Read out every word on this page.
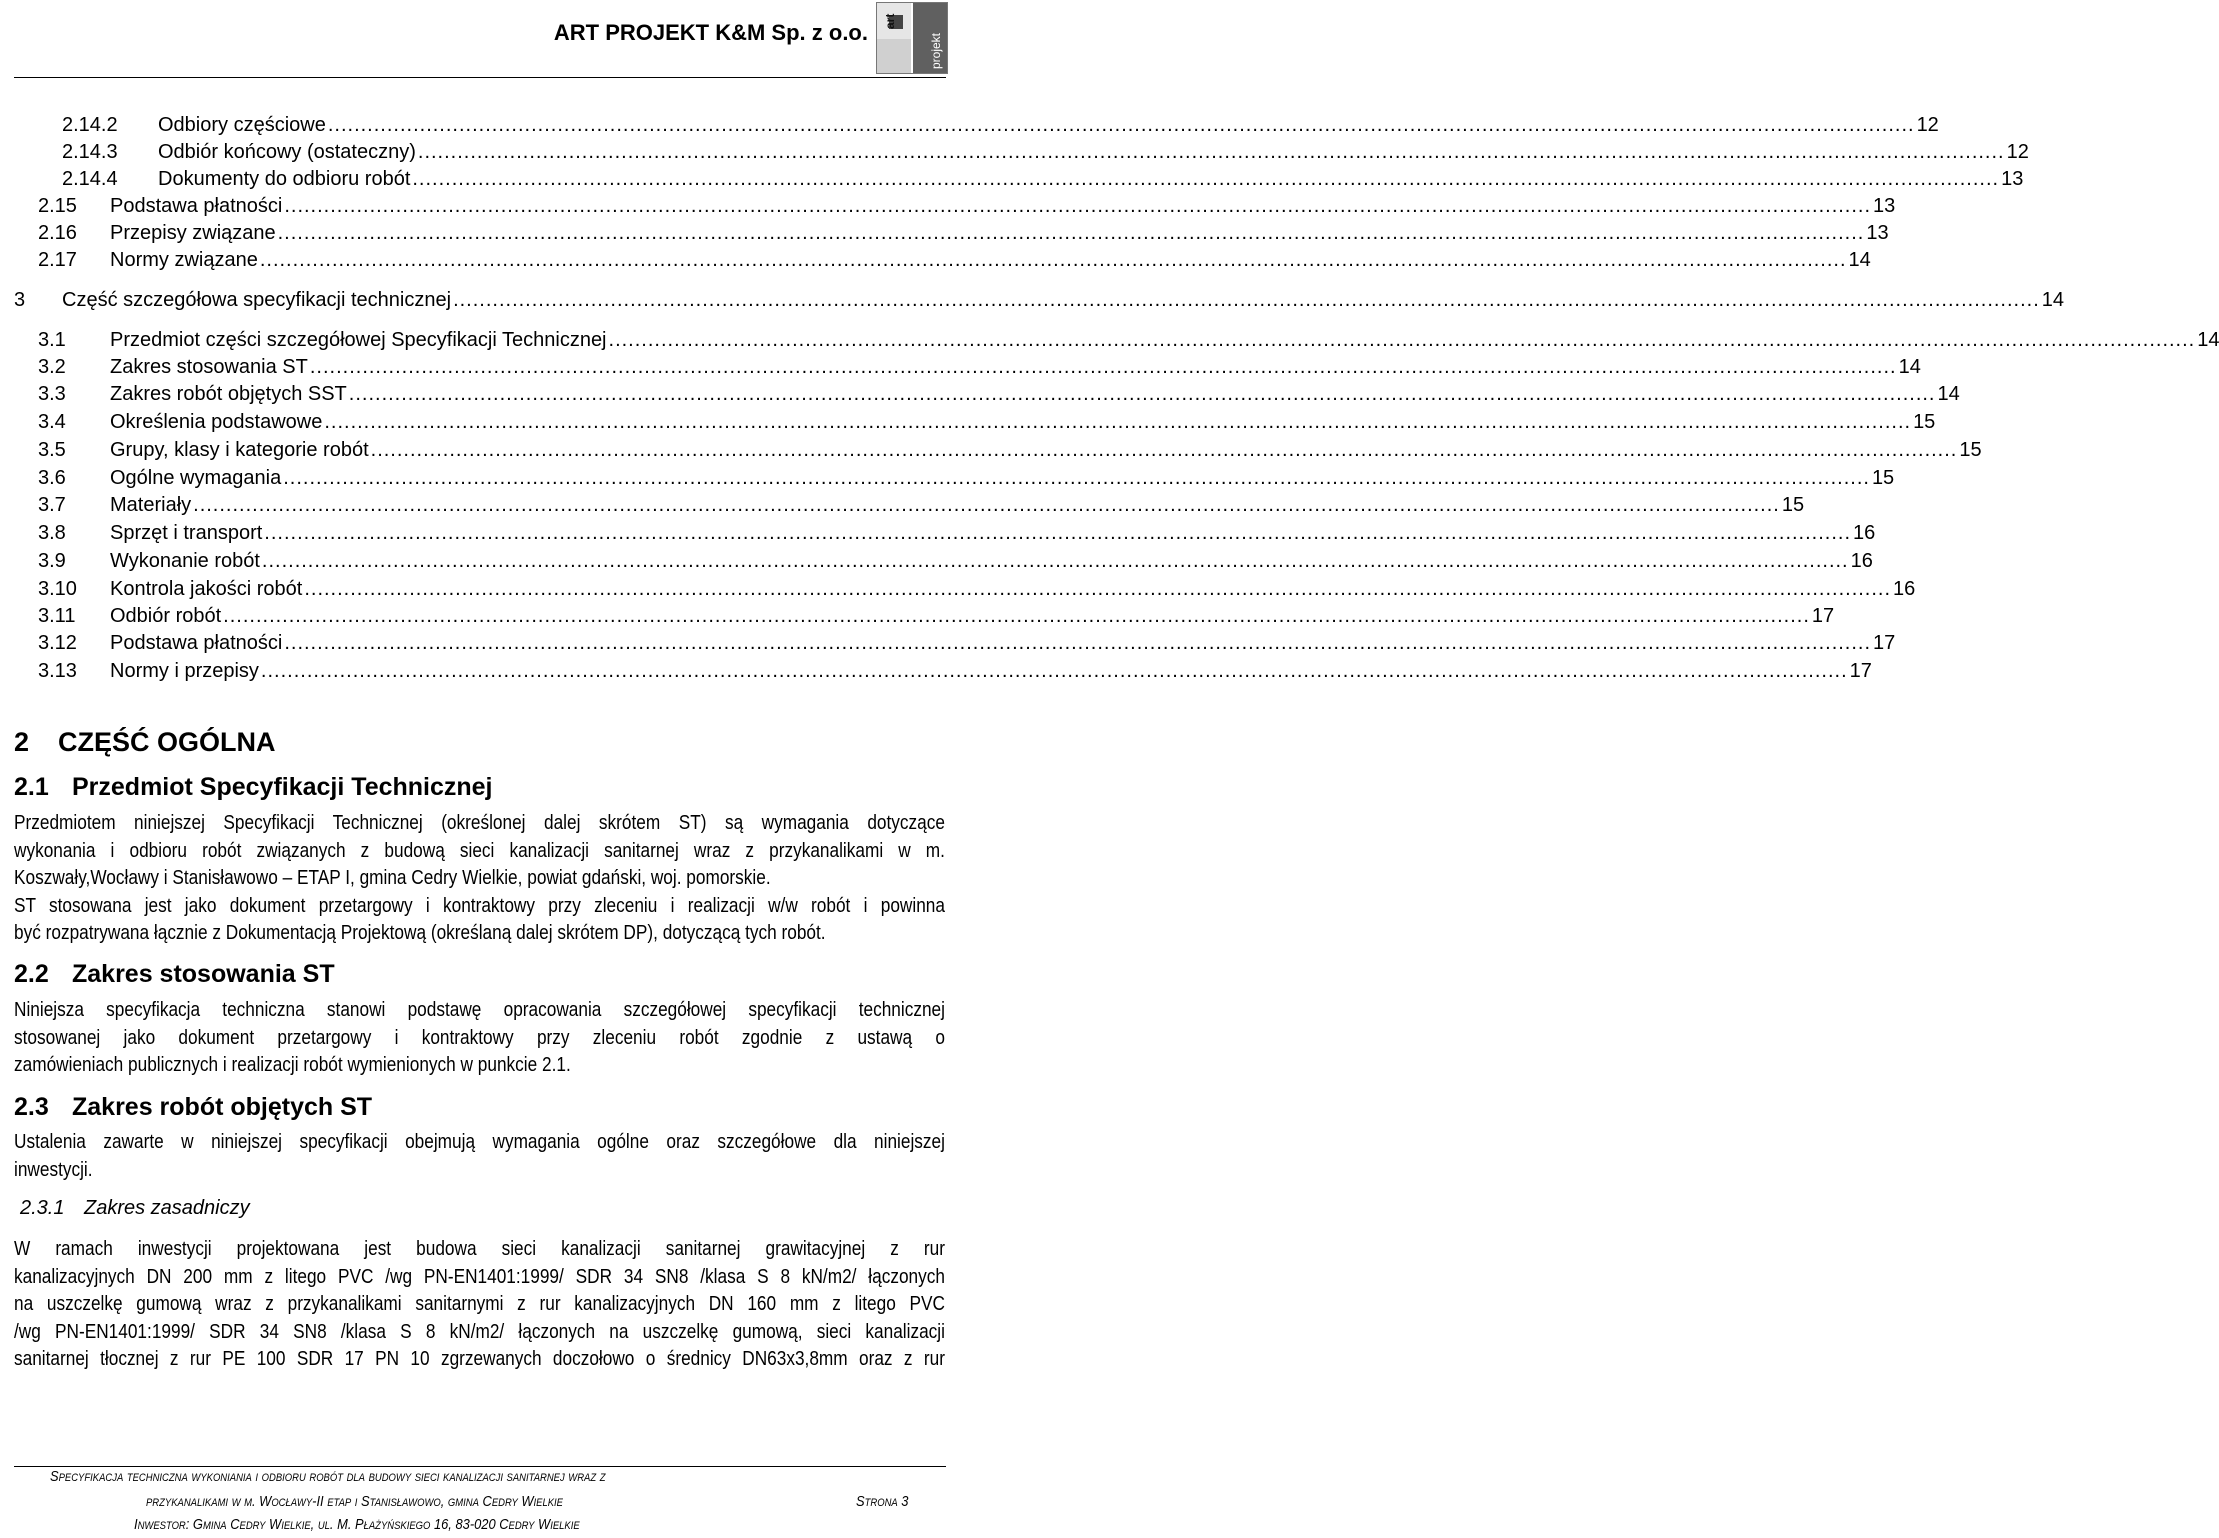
ART PROJEKT K&M Sp. z o.o. art
projekt
2.14.2	Odbiory częściowe .................................................................................................................................................................................................................................................. 12
2.14.3	Odbiór końcowy (ostateczny) .................................................................................................................................................................................................................................................. 12
2.14.4	Dokumenty do odbioru robót .................................................................................................................................................................................................................................................. 13
2.15	Podstawa płatności .................................................................................................................................................................................................................................................. 13
2.16	Przepisy związane .................................................................................................................................................................................................................................................. 13
2.17	Normy związane .................................................................................................................................................................................................................................................. 14
3	Część szczegółowa specyfikacji technicznej .................................................................................................................................................................................................................................................. 14
3.1	Przedmiot części szczegółowej Specyfikacji Technicznej .................................................................................................................................................................................................................................................. 14
3.2	Zakres stosowania ST .................................................................................................................................................................................................................................................. 14
3.3	Zakres robót objętych SST .................................................................................................................................................................................................................................................. 14
3.4	Określenia podstawowe .................................................................................................................................................................................................................................................. 15
3.5	Grupy, klasy i kategorie robót .................................................................................................................................................................................................................................................. 15
3.6	Ogólne wymagania .................................................................................................................................................................................................................................................. 15
3.7	Materiały .................................................................................................................................................................................................................................................. 15
3.8	Sprzęt i transport .................................................................................................................................................................................................................................................. 16
3.9	Wykonanie robót .................................................................................................................................................................................................................................................. 16
3.10	Kontrola jakości robót .................................................................................................................................................................................................................................................. 16
3.11	Odbiór robót .................................................................................................................................................................................................................................................. 17
3.12	Podstawa płatności .................................................................................................................................................................................................................................................. 17
3.13	Normy i przepisy .................................................................................................................................................................................................................................................. 17
2 CZĘŚĆ OGÓLNA
2.1 Przedmiot Specyfikacji Technicznej
Przedmiotem niniejszej Specyfikacji Technicznej (określonej dalej skrótem ST) są wymagania dotyczące
wykonania i odbioru robót związanych z budową sieci kanalizacji sanitarnej wraz z przykanalikami w m.
Koszwały,Wocławy i Stanisławowo – ETAP I, gmina Cedry Wielkie, powiat gdański, woj. pomorskie.
ST stosowana jest jako dokument przetargowy i kontraktowy przy zleceniu i realizacji w/w robót i powinna
być rozpatrywana łącznie z Dokumentacją Projektową (określaną dalej skrótem DP), dotyczącą tych robót.
2.2 Zakres stosowania ST
Niniejsza specyfikacja techniczna stanowi podstawę opracowania szczegółowej specyfikacji technicznej
stosowanej jako dokument przetargowy i kontraktowy przy zleceniu robót zgodnie z ustawą o
zamówieniach publicznych i realizacji robót wymienionych w punkcie 2.1.
2.3 Zakres robót objętych ST
Ustalenia zawarte w niniejszej specyfikacji obejmują wymagania ogólne oraz szczegółowe dla niniejszej
inwestycji.
2.3.1 Zakres zasadniczy
W ramach inwestycji projektowana jest budowa sieci kanalizacji sanitarnej grawitacyjnej z rur
kanalizacyjnych DN 200 mm z litego PVC /wg PN-EN1401:1999/ SDR 34 SN8 /klasa S 8 kN/m2/ łączonych
na uszczelkę gumową wraz z przykanalikami sanitarnymi z rur kanalizacyjnych DN 160 mm z litego PVC
/wg PN-EN1401:1999/ SDR 34 SN8 /klasa S 8 kN/m2/ łączonych na uszczelkę gumową, sieci kanalizacji
sanitarnej tłocznej z rur PE 100 SDR 17 PN 10 zgrzewanych doczołowo o średnicy DN63x3,8mm oraz z rur
Specyfikacja techniczna wykoniania i odbioru robót dla budowy sieci kanalizacji sanitarnej wraz z
przykanalikami w m. Wocławy-II etap i Stanisławowo, gmina Cedry Wielkie	Strona 3
Inwestor: Gmina Cedry Wielkie, ul. M. Płażyńskiego 16, 83-020 Cedry Wielkie
